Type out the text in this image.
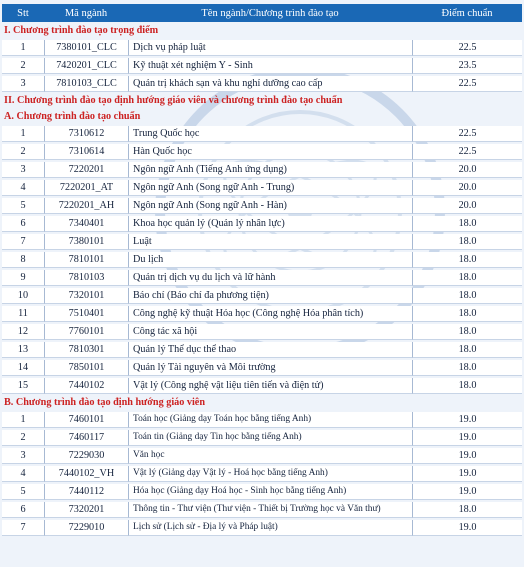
Stt	Mã ngành	Tên ngành/Chương trình đào tạo	Điểm chuẩn
I. Chương trình đào tạo trọng điểm			
1	7380101_CLC	Dịch vụ pháp luật	22.5
2	7420201_CLC	Kỹ thuật xét nghiệm Y - Sinh	23.5
3	7810103_CLC	Quản trị khách sạn và khu nghỉ dưỡng cao cấp	22.5
II. Chương trình đào tạo định hướng giáo viên và chương trình đào tạo chuẩn			
A. Chương trình đào tạo chuẩn			
1	7310612	Trung Quốc học	22.5
2	7310614	Hàn Quốc học	22.5
3	7220201	Ngôn ngữ Anh (Tiếng Anh ứng dụng)	20.0
4	7220201_AT	Ngôn ngữ Anh (Song ngữ Anh - Trung)	20.0
5	7220201_AH	Ngôn ngữ Anh (Song ngữ Anh - Hàn)	20.0
6	7340401	Khoa học quản lý (Quản lý nhân lực)	18.0
7	7380101	Luật	18.0
8	7810101	Du lịch	18.0
9	7810103	Quản trị dịch vụ du lịch và lữ hành	18.0
10	7320101	Báo chí (Báo chí đa phương tiện)	18.0
11	7510401	Công nghệ kỹ thuật Hóa học (Công nghệ Hóa phân tích)	18.0
12	7760101	Công tác xã hội	18.0
13	7810301	Quản lý Thể dục thể thao	18.0
14	7850101	Quản lý Tài nguyên và Môi trường	18.0
15	7440102	Vật lý (Công nghệ vật liệu tiên tiến và điện tử)	18.0
B. Chương trình đào tạo định hướng giáo viên			
1	7460101	Toán học (Giảng dạy Toán học bằng tiếng Anh)	19.0
2	7460117	Toán tin (Giảng dạy Tin học bằng tiếng Anh)	19.0
3	7229030	Văn học	19.0
4	7440102_VH	Vật lý (Giảng dạy Vật lý - Hoá học bằng tiếng Anh)	19.0
5	7440112	Hóa học (Giảng dạy Hoá học - Sinh học bằng tiếng Anh)	19.0
6	7320201	Thông tin - Thư viện (Thư viện - Thiết bị Trường học và Văn thư)	18.0
7	7229010	Lịch sử (Lịch sử - Địa lý và Pháp luật)	19.0
